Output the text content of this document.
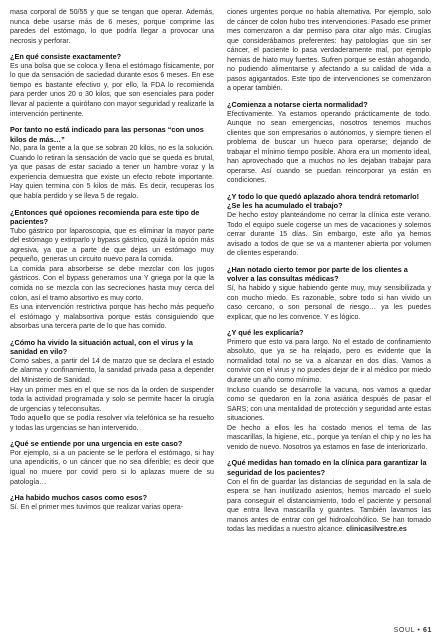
masa corporal de 50/55 y que se tengan que operar. Además, nunca debe usarse más de 6 meses, porque comprime las paredes del estómago, lo que podría llegar a provocar una necrosis y perforar.

¿En qué consiste exactamente?

Es una bolsa que se coloca y llena el estómago físicamente, por lo que da sensación de saciedad durante esos 6 meses. En ese tiempo es bastante efectivo y, por ello, la FDA lo recomienda para perder unos 20 o 30 kilos, que son esenciales para poder llevar al paciente a quirófano con mayor seguridad y realizarle la intervención pertinente.

Por tanto no está indicado para las personas “con unos kilos de más…”

No, para la gente a la que se sobran 20 kilos, no es la solución. Cuando lo retiran la sensación de vacío que se queda es brutal, ya que pasas de estar saciado a tener un hambre voraz y la experiencia demuestra que existe un efecto rebote importante. Hay quien termina con 5 kilos de más. Es decir, recuperas los que había perdido y se lleva 5 de regalo.

¿Entonces qué opciones recomienda para este tipo de pacientes?

Tubo gástrico por laparoscopia, que es eliminar la mayor parte del estómago y extirparlo y bypass gástrico, quizá la opción más agresiva, ya que a parte de que dejas un estómago muy pequeño, generas un circuito nuevo para la comida.

La comida para absorberse se debe mezclar con los jugos gástricos. Con el bypass generamos una Y griega por la que la comida no se mezcla con las secreciones hasta muy cerca del colon, así el tramo absortivo es muy corto.

Es una intervención restrictiva porque has hecho más pequeño el estómago y malabsortiva porque estás consiguiendo que absorbas una tercera parte de lo que has comido.

¿Cómo ha vivido la situación actual, con el virus y la sanidad en vilo?

Como sabes, a partir del 14 de marzo que se declara el estado de alarma y confinamiento, la sanidad privada pasa a depender del Ministerio de Sanidad.

Hay un primer mes en el que se nos da la orden de suspender toda la actividad programada y solo se permite hacer la cirugía de urgencias y teleconsultas.

Todo aquello que se podía resolver vía telefónica se ha resuelto y todas las urgencias se han intervenido.

¿Qué se entiende por una urgencia en este caso?

Por ejemplo, si a un paciente se le perfora el estómago, si hay una apendicitis, o un cáncer que no sea diferible; es decir que igual no muere por covid pero si lo aplazas muere de su patología…

¿Ha habido muchos casos como esos?

Sí. En el primer mes tuvimos que realizar varias opera-

ciones urgentes porque no había alternativa. Por ejemplo, solo de cáncer de colon hubo tres intervenciones. Pasado ese primer mes comenzaron a dar permiso para citar algo más. Cirugías que considerábamos preferentes: hay patologías que sin ser cáncer, el paciente lo pasa verdaderamente mal, por ejemplo hernias de hiato muy fuertes. Sufren porque se están ahogando, no pudiendo alimentarse y afectando a su calidad de vida a pasos agigantados. Este tipo de intervenciones se comenzaron a operar también.

¿Comienza a notarse cierta normalidad?

Efectivamente. Ya estamos operando prácticamente de todo. Aunque no sean emergencias, nosotros tenemos muchos clientes que son empresarios o autónomos, y siempre tienen el problema de buscar un hueco para operarse; dejando de trabajar el mínimo tiempo posible. Ahora era un momento ideal, han aprovechado que a muchos no les dejaban trabajar para operarse. Así cuando se puedan reincorporar ya están en condiciones.

¿Y todo lo que quedó aplazado ahora tendrá retomarlo! ¿Se les ha acumulado el trabajo?

De hecho estoy planteándome no cerrar la clínica este verano. Todo el equipo suele cogerse un mes de vacaciones y solemos cerrar durante 15 días. Sin embargo, este año ya hemos avisado a todos de que se va a mantener abierta por volumen de clientes esperando.

¿Han notado cierto temor por parte de los clientes a volver a las consultas médicas?

Sí, ha habido y sigue habiendo gente muy, muy sensibilizada y con mucho miedo. Es razonable, sobre todo si han vivido un caso cercano, o son personal de riesgo… ya les puedes explicar, que no les convence. Y es lógico.

¿Y qué les explicaría?

Primero que esto va para largo. No el estado de confinamiento absoluto, que ya se ha relajado, pero es evidente que la normalidad total no se va a alcanzar en dos días. Vamos a convivir con el virus y no puedes dejar de ir al médico por miedo durante un año como mínimo.

Incluso cuando se desarrolle la vacuna, nos vamos a quedar como se quedaron en la zona asiática después de pasar el SARS; con una mentalidad de protección y seguridad ante estas situaciones.

De hecho a ellos les ha costado menos el tema de las mascarillas, la higiene, etc., porque ya tenían el chip y no les ha venido de nuevo. Nosotros ya estamos en fase de interiorizarlo.

¿Qué medidas han tomado en la clínica para garantizar la seguridad de los pacientes?

Con el fin de guardar las distancias de seguridad en la sala de espera se han inutilizado asientos, hemos marcado el suelo para conseguir el distanciamiento, todo el paciente y personal que entra lleva mascarilla y guantes. También lavamos las manos antes de entrar con gel hidroalcohólico. Se han tomado todas las medidas a nuestro alcance. clinicasilvestre.es

SOUL • 61
